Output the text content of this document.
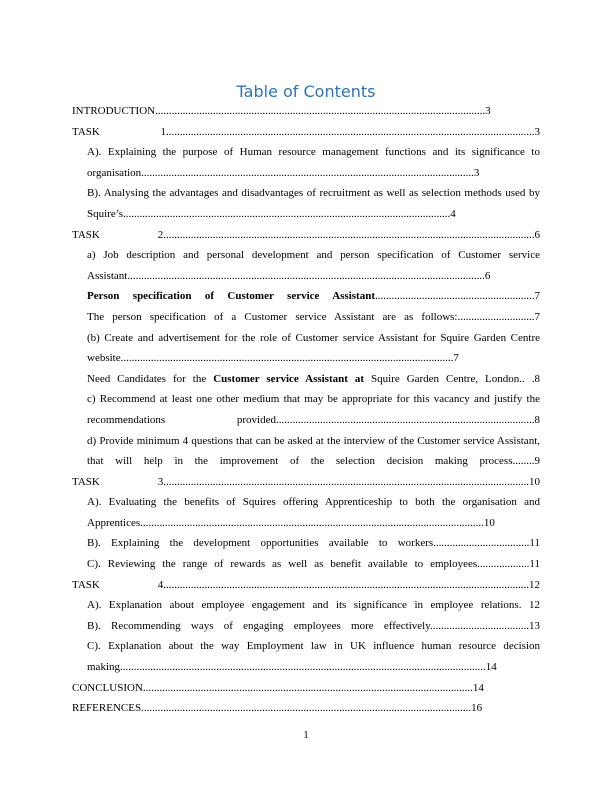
Table of Contents
INTRODUCTION........................................................................................................................3
TASK 1......................................................................................................................................3
A). Explaining the purpose of Human resource management functions and its significance to organisation.........................................................................................................................3
B). Analysing the advantages and disadvantages of recruitment as well as selection methods used by Squire’s.......................................................................................................................4
TASK 2.......................................................................................................................................6
a) Job description and personal development and person specification of Customer service Assistant..................................................................................................................................6
Person specification of Customer service Assistant..........................................................7
The person specification of a Customer service Assistant are as follows:............................7
(b) Create and advertisement for the role of Customer service Assistant for Squire Garden Centre website.........................................................................................................................7
Need Candidates for the Customer service Assistant at Squire Garden Centre, London.. .8
c) Recommend at least one other medium that may be appropriate for this vacancy and justify the recommendations provided..............................................................................................8
d) Provide minimum 4 questions that can be asked at the interview of the Customer service Assistant, that will help in the improvement of the selection decision making process........9
TASK 3.....................................................................................................................................10
A). Evaluating the benefits of Squires offering Apprenticeship to both the organisation and Apprentices.............................................................................................................................10
B). Explaining the development opportunities available to workers...................................11
C). Reviewing the range of rewards as well as benefit available to employees...................11
TASK 4.....................................................................................................................................12
A). Explanation about employee engagement and its significance in employee relations. 12
B). Recommending ways of engaging employees more effectively....................................13
C). Explanation about the way Employment law in UK influence human resource decision making.....................................................................................................................................14
CONCLUSION........................................................................................................................14
REFERENCES........................................................................................................................16
1
